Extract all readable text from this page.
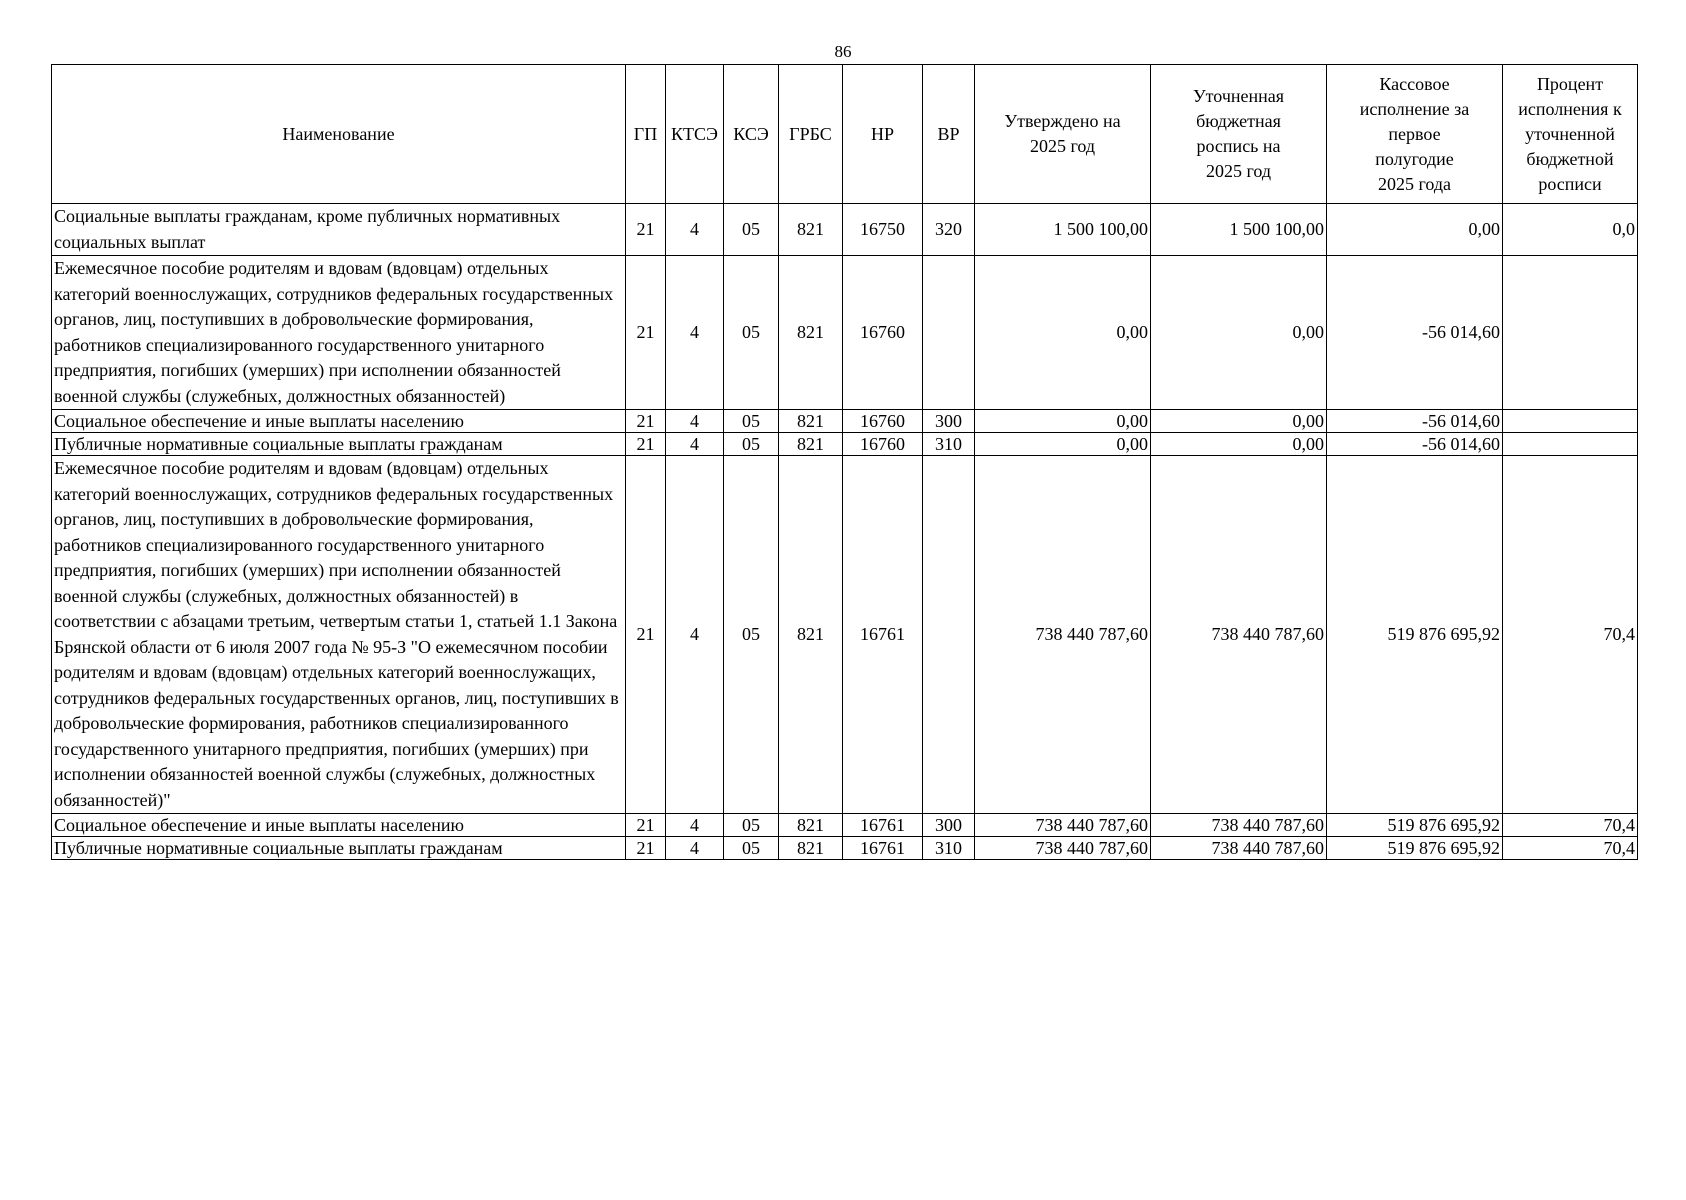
86
Наименование	ГП	КТСЭ	КСЭ	ГРБС	НР	ВР	Утверждено на 2025 год	Уточненная бюджетная роспись на 2025 год	Кассовое исполнение за первое полугодие 2025 года	Процент исполнения к уточненной бюджетной росписи
Социальные выплаты гражданам, кроме публичных нормативных социальных выплат	21	4	05	821	16750	320	1 500 100,00	1 500 100,00	0,00	0,0
Ежемесячное пособие родителям и вдовам (вдовцам) отдельных категорий военнослужащих, сотрудников федеральных государственных органов, лиц, поступивших в добровольческие формирования, работников специализированного государственного унитарного предприятия, погибших (умерших) при исполнении обязанностей военной службы (служебных, должностных обязанностей)	21	4	05	821	16760		0,00	0,00	-56 014,60	
Социальное обеспечение и иные выплаты населению	21	4	05	821	16760	300	0,00	0,00	-56 014,60	
Публичные нормативные социальные выплаты гражданам	21	4	05	821	16760	310	0,00	0,00	-56 014,60	
Ежемесячное пособие родителям и вдовам (вдовцам) отдельных категорий военнослужащих, сотрудников федеральных государственных органов, лиц, поступивших в добровольческие формирования, работников специализированного государственного унитарного предприятия, погибших (умерших) при исполнении обязанностей военной службы (служебных, должностных обязанностей) в соответствии с абзацами третьим, четвертым статьи 1, статьей 1.1 Закона Брянской области от 6 июля 2007 года № 95-З "О ежемесячном пособии родителям и вдовам (вдовцам) отдельных категорий военнослужащих, сотрудников федеральных государственных органов, лиц, поступивших в добровольческие формирования, работников специализированного государственного унитарного предприятия, погибших (умерших) при исполнении обязанностей военной службы (служебных, должностных обязанностей)"	21	4	05	821	16761		738 440 787,60	738 440 787,60	519 876 695,92	70,4
Социальное обеспечение и иные выплаты населению	21	4	05	821	16761	300	738 440 787,60	738 440 787,60	519 876 695,92	70,4
Публичные нормативные социальные выплаты гражданам	21	4	05	821	16761	310	738 440 787,60	738 440 787,60	519 876 695,92	70,4
